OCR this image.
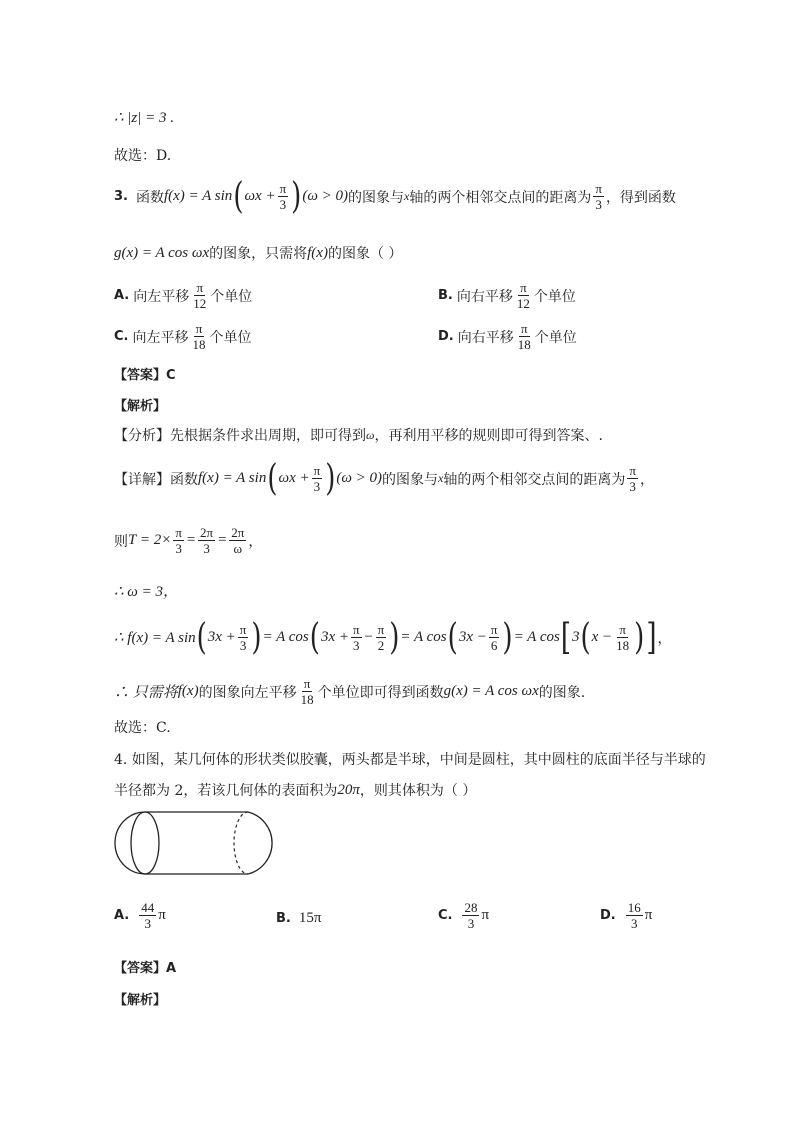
∴ |z| = 3 .
故选：D.
3. 函数 f(x) = A sin ( $\omega x + \frac{\pi}{3}$ ) (ω > 0) 的图象与 x 轴的两个相邻交点间的距离为 $\frac{\pi}{3}$ ，得到函数
g(x) = A cos ωx 的图象，只需将 f(x) 的图象（ ）
A. 向左平移 $\frac{\pi}{12}$ 个单位	B. 向右平移 $\frac{\pi}{12}$ 个单位
C. 向左平移 $\frac{\pi}{18}$ 个单位	D. 向右平移 $\frac{\pi}{18}$ 个单位
【答案】C
【解析】
【分析】先根据条件求出周期，即可得到 ω ，再利用平移的规则即可得到答案、.
【详解】函数 f(x) = A sin ( $\omega x + \frac{\pi}{3}$ ) (ω > 0) 的图象与 x 轴的两个相邻交点间的距离为 $\frac{\pi}{3}$ ，
则 $T = 2\times \frac{\pi}{3} = \frac{2\pi}{3} = \frac{2\pi}{\omega}$ ，
∴ ω = 3，
∴ f(x) = A sin ( $3x + \frac{\pi}{3}$ ) = A cos ( $3x + \frac{\pi}{3} - \frac{\pi}{2}$ ) = A cos ( $3x - \frac{\pi}{6}$ ) = A cos [ 3 ( $x - \frac{\pi}{18}$ ) ] ，
∴ 只需将 f(x) 的图象向左平移 $\frac{\pi}{18}$ 个单位即可得到函数 g(x) = A cos ωx 的图象.
故选：C.
4. 如图，某几何体的形状类似胶囊，两头都是半球，中间是圆柱，其中圆柱的底面半径与半球的
半径都为 2，若该几何体的表面积为 20π ，则其体积为（ ）
A. $\frac{44}{3}$ π	B. 15π	C. $\frac{28}{3}$ π	D. $\frac{16}{3}$ π
【答案】A
【解析】
